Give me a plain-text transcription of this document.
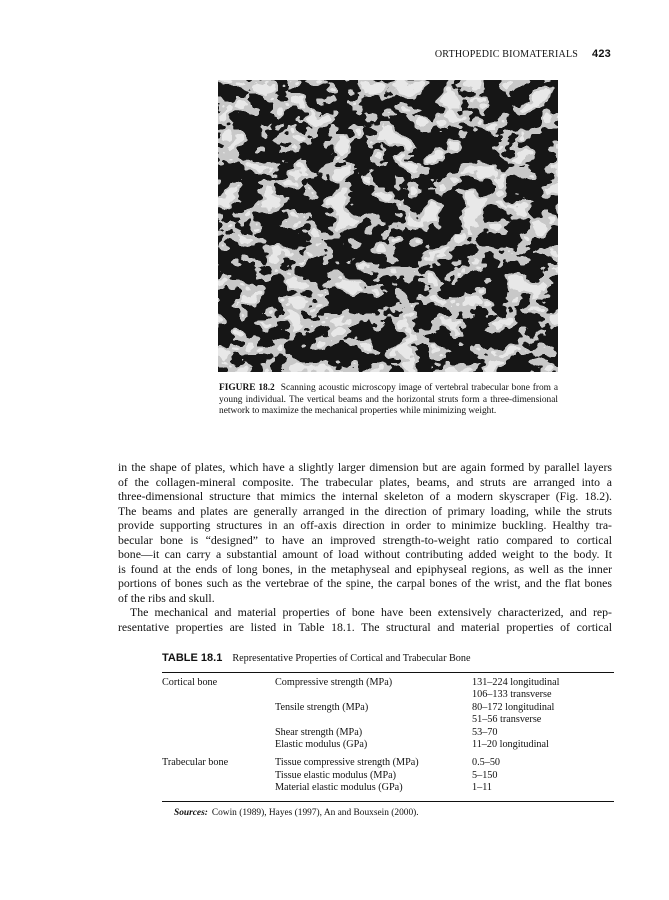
ORTHOPEDIC BIOMATERIALS 423
FIGURE 18.2 Scanning acoustic microscopy image of vertebral trabecular bone from a young individual. The vertical beams and the horizontal struts form a three-dimensional network to maximize the mechanical properties while minimizing weight.
in the shape of plates, which have a slightly larger dimension but are again formed by parallel layers
of the collagen-mineral composite. The trabecular plates, beams, and struts are arranged into a
three-dimensional structure that mimics the internal skeleton of a modern skyscraper (Fig. 18.2).
The beams and plates are generally arranged in the direction of primary loading, while the struts
provide supporting structures in an off-axis direction in order to minimize buckling. Healthy tra-
becular bone is “designed” to have an improved strength-to-weight ratio compared to cortical
bone—it can carry a substantial amount of load without contributing added weight to the body. It
is found at the ends of long bones, in the metaphyseal and epiphyseal regions, as well as the inner
portions of bones such as the vertebrae of the spine, the carpal bones of the wrist, and the flat bones
of the ribs and skull.
The mechanical and material properties of bone have been extensively characterized, and rep-
resentative properties are listed in Table 18.1. The structural and material properties of cortical
TABLE 18.1 Representative Properties of Cortical and Trabecular Bone
Cortical bone	Compressive strength (MPa)	131–224 longitudinal
		106–133 transverse
	Tensile strength (MPa)	80–172 longitudinal
		51–56 transverse
	Shear strength (MPa)	53–70
	Elastic modulus (GPa)	11–20 longitudinal
Trabecular bone	Tissue compressive strength (MPa)	0.5–50
	Tissue elastic modulus (MPa)	5–150
	Material elastic modulus (GPa)	1–11
Sources: Cowin (1989), Hayes (1997), An and Bouxsein (2000).
